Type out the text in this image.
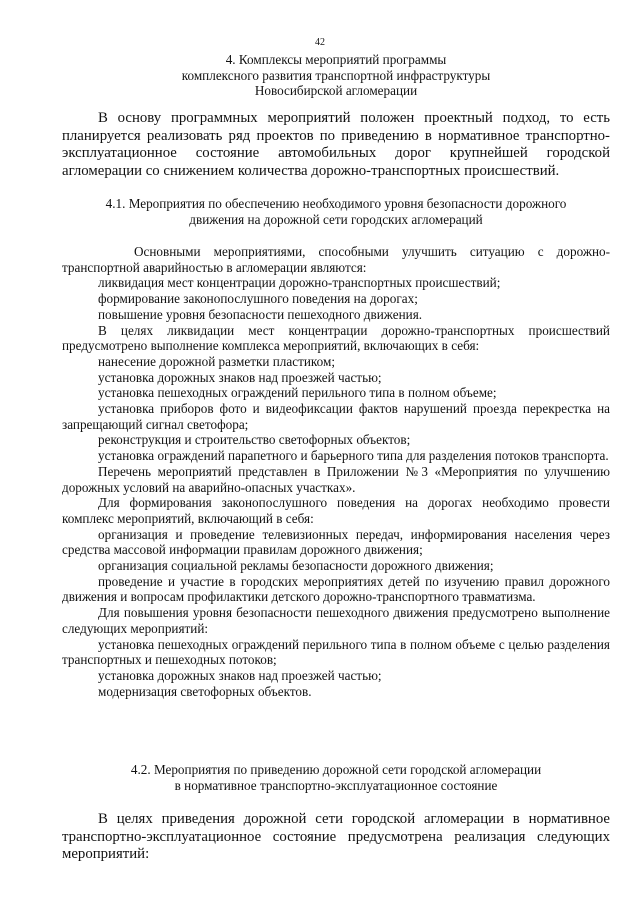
42
4. Комплексы мероприятий программы
комплексного развития транспортной инфраструктуры
Новосибирской агломерации

В основу программных мероприятий положен проектный подход, то есть планируется реализовать ряд проектов по приведению в нормативное транспортно-эксплуатационное состояние автомобильных дорог крупнейшей городской агломерации со снижением количества дорожно-транспортных происшествий.

4.1. Мероприятия по обеспечению необходимого уровня безопасности дорожного
движения на дорожной сети городских агломераций

Основными мероприятиями, способными улучшить ситуацию с дорожно-транспортной аварийностью в агломерации являются:

ликвидация мест концентрации дорожно-транспортных происшествий;

формирование законопослушного поведения на дорогах;

повышение уровня безопасности пешеходного движения.

В целях ликвидации мест концентрации дорожно-транспортных происшествий предусмотрено выполнение комплекса мероприятий, включающих в себя:

нанесение дорожной разметки пластиком;

установка дорожных знаков над проезжей частью;

установка пешеходных ограждений перильного типа в полном объеме;

установка приборов фото и видеофиксации фактов нарушений проезда перекрестка на запрещающий сигнал светофора;

реконструкция и строительство светофорных объектов;

установка ограждений парапетного и барьерного типа для разделения потоков транспорта.

Перечень мероприятий представлен в Приложении №3 «Мероприятия по улучшению дорожных условий на аварийно-опасных участках».

Для формирования законопослушного поведения на дорогах необходимо провести комплекс мероприятий, включающий в себя:

организация и проведение телевизионных передач, информирования населения через средства массовой информации правилам дорожного движения;

организация социальной рекламы безопасности дорожного движения;

проведение и участие в городских мероприятиях детей по изучению правил дорожного движения и вопросам профилактики детского дорожно-транспортного травматизма.

Для повышения уровня безопасности пешеходного движения предусмотрено выполнение следующих мероприятий:

установка пешеходных ограждений перильного типа в полном объеме с целью разделения транспортных и пешеходных потоков;

установка дорожных знаков над проезжей частью;

модернизация светофорных объектов.

4.2. Мероприятия по приведению дорожной сети городской агломерации
в нормативное транспортно-эксплуатационное состояние

В целях приведения дорожной сети городской агломерации в нормативное транспортно-эксплуатационное состояние предусмотрена реализация следующих мероприятий:
